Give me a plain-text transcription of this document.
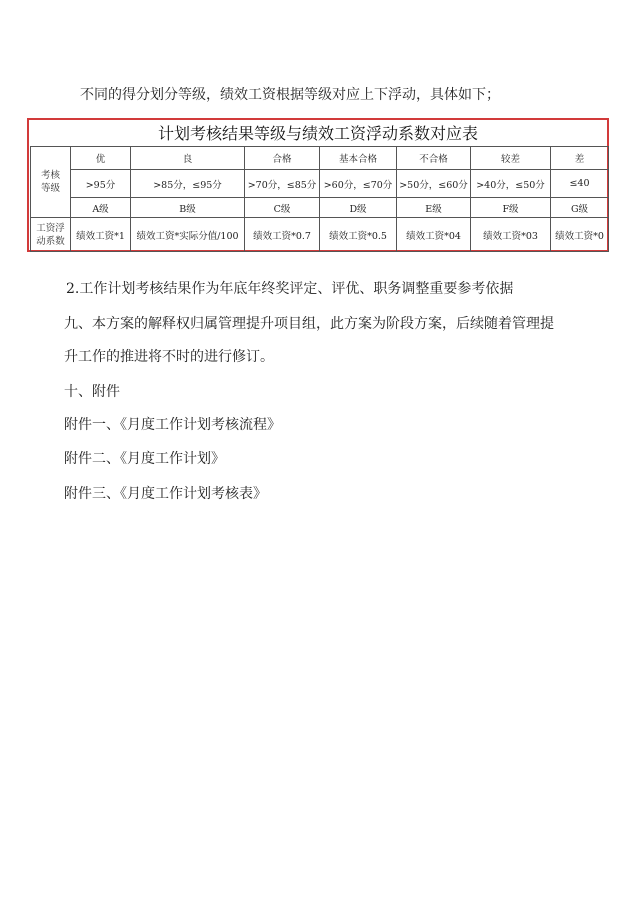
不同的得分划分等级，绩效工资根据等级对应上下浮动，具体如下；
计划考核结果等级与绩效工资浮动系数对应表
考核
等级	优	良	合格	基本合格	不合格	较差	差
	>95分	>85分，≤95分	>70分，≤85分	>60分，≤70分	>50分，≤60分	>40分，≤50分	≤40
	A级	B级	C级	D级	E级	F级	G级
工资浮
动系数	绩效工资*1	绩效工资*实际分值/100	绩效工资*0.7	绩效工资*0.5	绩效工资*04	绩效工资*03	绩效工资*0
2.工作计划考核结果作为年底年终奖评定、评优、职务调整重要参考依据
九、本方案的解释权归属管理提升项目组，此方案为阶段方案，后续随着管理提
升工作的推进将不时的进行修订。
十、附件
附件一、《月度工作计划考核流程》
附件二、《月度工作计划》
附件三、《月度工作计划考核表》
